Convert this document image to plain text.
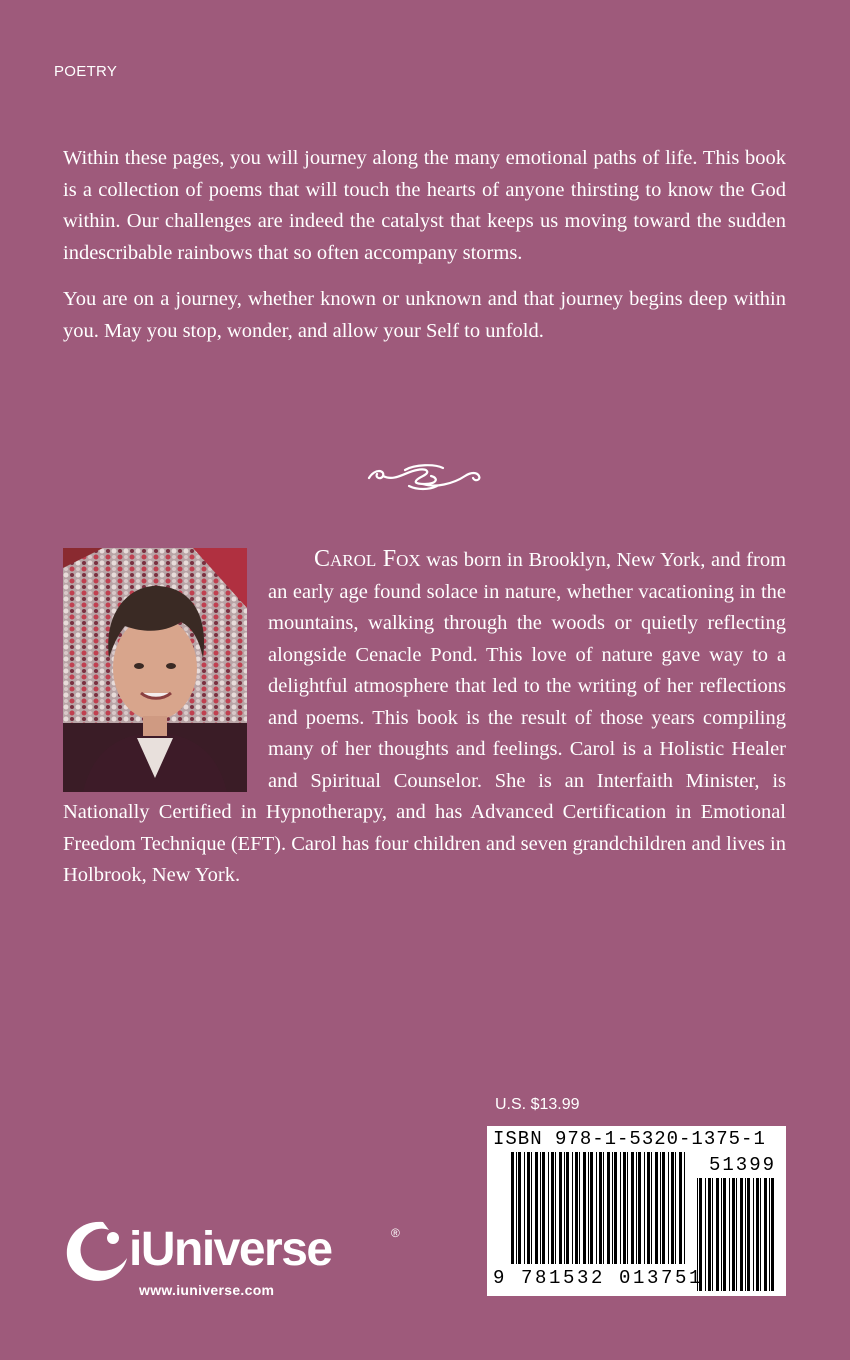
POETRY

Within these pages, you will journey along the many emotional paths of life. This book is a collection of poems that will touch the hearts of anyone thirsting to know the God within. Our challenges are indeed the catalyst that keeps us moving toward the sudden indescribable rainbows that so often accompany storms.

You are on a journey, whether known or unknown and that journey begins deep within you. May you stop, wonder, and allow your Self to unfold.

Carol Fox was born in Brooklyn, New York, and from an early age found solace in nature, whether vacationing in the mountains, walking through the woods or quietly reflecting alongside Cenacle Pond. This love of nature gave way to a delightful atmosphere that led to the writing of her reflections and poems. This book is the result of those years compiling many of her thoughts and feelings. Carol is a Holistic Healer and Spiritual Counselor. She is an Interfaith Minister, is Nationally Certified in Hypnotherapy, and has Advanced Certification in Emotional Freedom Technique (EFT). Carol has four children and seven grandchildren and lives in Holbrook, New York.
U.S. $13.99
ISBN 978-1-5320-1375-1
51399
9 781532 013751
iUniverse	®
www.iuniverse.com
